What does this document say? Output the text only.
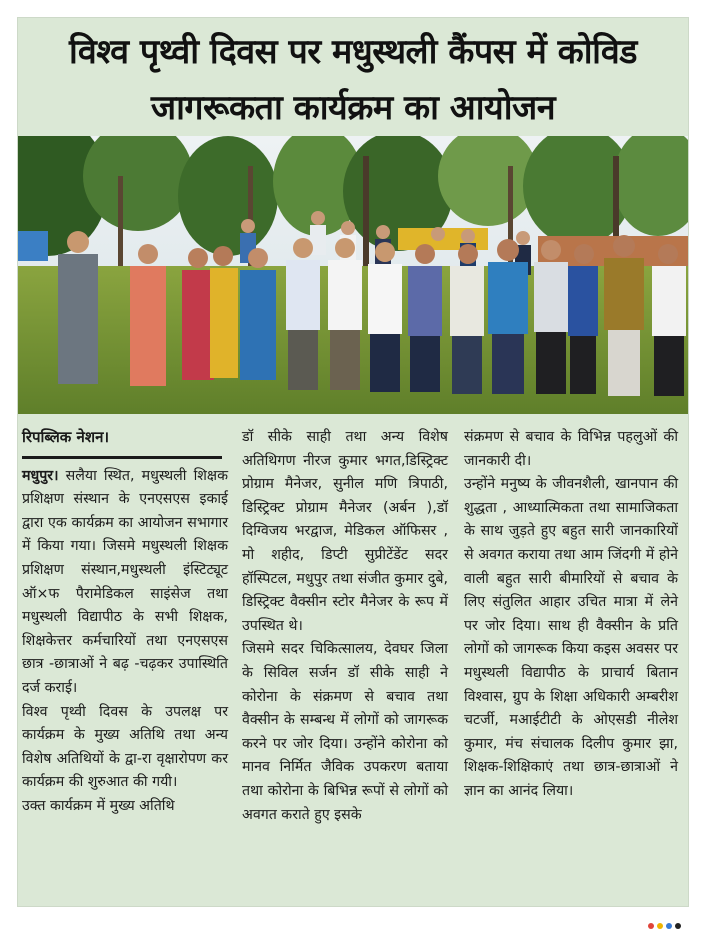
विश्व पृथ्वी दिवस पर मधुस्थली कैंपस में कोविड
जागरूकता कार्यक्रम का आयोजन
रिपब्लिक नेशन।

मधुपुर। सलैया स्थित, मधुस्थली शिक्षक प्रशिक्षण संस्थान के एनएसएस इकाई द्वारा एक कार्यक्रम का आयोजन सभागार में किया गया। जिसमे मधुस्थली शिक्षक प्रशिक्षण संस्थान,मधुस्थली इंस्टिट्यूट ऑ×फ पैरामेडिकल साइंसेज तथा मधुस्थली विद्यापीठ के सभी शिक्षक, शिक्षकेत्तर कर्मचारियों तथा एनएसएस छात्र -छात्राओं ने बढ़ -चढ़कर उपास्थिति दर्ज कराई।

विश्व पृथ्वी दिवस के उपलक्ष पर कार्यक्रम के मुख्य अतिथि तथा अन्य विशेष अतिथियों के द्वा-रा वृक्षारोपण कर कार्यक्रम की शुरुआत की गयी।

उक्त कार्यक्रम में मुख्य अतिथि

डॉ सीके साही तथा अन्य विशेष अतिथिगण नीरज कुमार भगत,डिस्ट्रिक्ट प्रोग्राम मैनेजर, सुनील मणि त्रिपाठी, डिस्ट्रिक्ट प्रोग्राम मैनेजर (अर्बन ),डॉ दिग्विजय भरद्वाज, मेडिकल ऑफिसर , मो शहीद, डिप्टी सुप्रीटेंडेंट सदर हॉस्पिटल, मधुपुर तथा संजीत कुमार दुबे, डिस्ट्रिक्ट वैक्सीन स्टोर मैनेजर के रूप में उपस्थित थे।

जिसमे सदर चिकित्सालय, देवघर जिला के सिविल सर्जन डॉ सीके साही ने कोरोना के संक्रमण से बचाव तथा वैक्सीन के सम्बन्ध में लोगों को जागरूक करने पर जोर दिया। उन्होंने कोरोना को मानव निर्मित जैविक उपकरण बताया तथा कोरोना के बिभिन्न रूपों से लोगों को अवगत कराते हुए इसके

संक्रमण से बचाव के विभिन्न पहलुओं की जानकारी दी।

उन्होंने मनुष्य के जीवनशैली, खानपान की शुद्धता , आध्यात्मिकता तथा सामाजिकता के साथ जुड़ते हुए बहुत सारी जानकारियों से अवगत कराया तथा आम जिंदगी में होने वाली बहुत सारी बीमारियों से बचाव के लिए संतुलित आहार उचित मात्रा में लेने पर जोर दिया। साथ ही वैक्सीन के प्रति लोगों को जागरूक किया कइस अवसर पर मधुस्थली विद्यापीठ के प्राचार्य बितान विश्वास, ग्रुप के शिक्षा अधिकारी अम्बरीश चटर्जी, मआईटीटी के ओएसडी नीलेश कुमार, मंच संचालक दिलीप कुमार झा, शिक्षक-शिक्षिकाएं तथा छात्र-छात्राओं ने ज्ञान का आनंद लिया।
